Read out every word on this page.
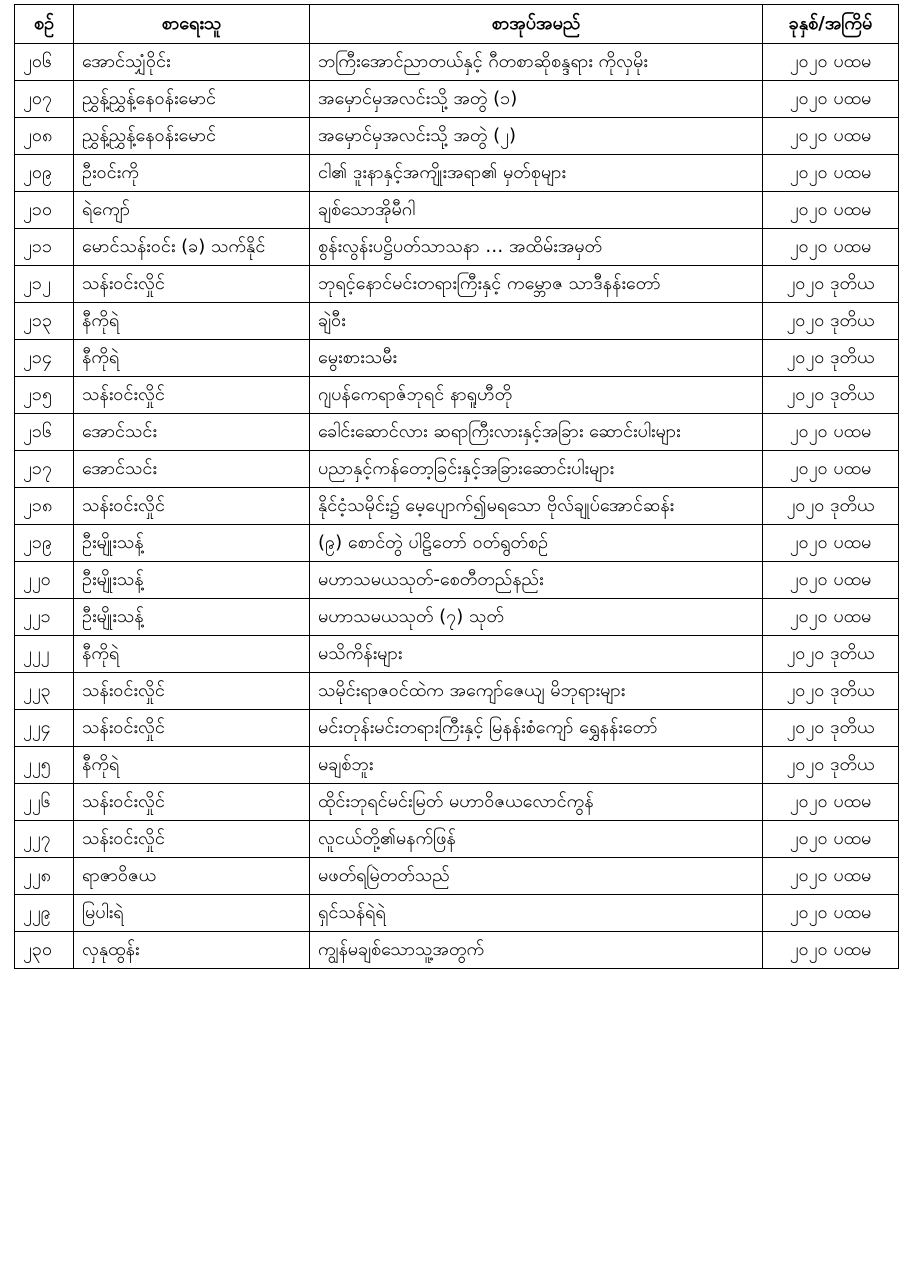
စဉ်	စာရေးသူ	စာအုပ်အမည်	ခုနှစ်/အကြိမ်
၂၀၆	အောင်သျှံဝိုင်း	ဘကြီးအောင်ညာတယ်နှင့် ဂီတစာဆိုစန္ဒရား ကိုလှမိုး	၂၀၂၀ ပထမ
၂၀၇	ညွှန့်ညွှန့်နေဝန်းမောင်	အမှောင်မှအလင်းသို့ အတွဲ (၁)	၂၀၂၀ ပထမ
၂၀၈	ညွှန့်ညွှန့်နေဝန်းမောင်	အမှောင်မှအလင်းသို့ အတွဲ (၂)	၂၀၂၀ ပထမ
၂၀၉	ဦးဝင်းကို	ငါ၏ ဒူးနာနှင့်အကျိုးအရာ၏ မှတ်စုများ	၂၀၂၀ ပထမ
၂၁၀	ရဲကျော်	ချစ်သောအိုမီဂါ	၂၀၂၀ ပထမ
၂၁၁	မောင်သန်းဝင်း (ခ) သက်နိုင်	စွန်းလွန်းပဋ္ဌိပတ်သာသနာ … အထိမ်းအမှတ်	၂၀၂၀ ပထမ
၂၁၂	သန်းဝင်းလှိုင်	ဘုရင့်နောင်မင်းတရားကြီးနှင့် ကမ္ဘောဇ သာဒီနန်းတော်	၂၀၂၀ ဒုတိယ
၂၁၃	နီကိုရဲ	ချဲဝီး	၂၀၂၀ ဒုတိယ
၂၁၄	နီကိုရဲ	မွေးစားသမီး	၂၀၂၀ ဒုတိယ
၂၁၅	သန်းဝင်းလှိုင်	ဂျပန်ကေရာဇ်ဘုရင် နာရူဟီတို	၂၀၂၀ ဒုတိယ
၂၁၆	အောင်သင်း	ခေါင်းဆောင်လား ဆရာကြီးလားနှင့်အခြား ဆောင်းပါးများ	၂၀၂၀ ပထမ
၂၁၇	အောင်သင်း	ပညာနှင့်ကန်တော့ခြင်းနှင့်အခြားဆောင်းပါးများ	၂၀၂၀ ပထမ
၂၁၈	သန်းဝင်းလှိုင်	နိုင်ငံ့သမိုင်း၌ မေ့ပျောက်၍မရသော ဗိုလ်ချုပ်အောင်ဆန်း	၂၀၂၀ ဒုတိယ
၂၁၉	ဦးမျိုးသန့်	(၉) စောင်တွဲ ပါဠိတော် ဝတ်ရွတ်စဉ်	၂၀၂၀ ပထမ
၂၂၀	ဦးမျိုးသန့်	မဟာသမယသုတ်-စေတီတည်နည်း	၂၀၂၀ ပထမ
၂၂၁	ဦးမျိုးသန့်	မဟာသမယသုတ် (၇) သုတ်	၂၀၂၀ ပထမ
၂၂၂	နီကိုရဲ	မသိကိန်းများ	၂၀၂၀ ဒုတိယ
၂၂၃	သန်းဝင်းလှိုင်	သမိုင်းရာဇဝင်ထဲက အကျော်ဇေယျ မိဘုရားများ	၂၀၂၀ ဒုတိယ
၂၂၄	သန်းဝင်းလှိုင်	မင်းတုန်းမင်းတရားကြီးနှင့် မြနန်းစံကျော် ရွှေနန်းတော်	၂၀၂၀ ဒုတိယ
၂၂၅	နီကိုရဲ	မချစ်ဘူး	၂၀၂၀ ဒုတိယ
၂၂၆	သန်းဝင်းလှိုင်	ထိုင်းဘုရင်မင်းမြတ် မဟာဝိဇယလောင်ကွန်	၂၀၂၀ ပထမ
၂၂၇	သန်းဝင်းလှိုင်	လူငယ်တို့၏မနက်ဖြန်	၂၀၂၀ ပထမ
၂၂၈	ရာဇာဝိဇယ	မဖတ်ရမြဲတတ်သည်	၂၀၂၀ ပထမ
၂၂၉	မြပါးရဲ	ရှင်သန်ရဲရဲ	၂၀၂၀ ပထမ
၂၃၀	လှနုထွန်း	ကျွန်မချစ်သောသူ့အတွက်	၂၀၂၀ ပထမ
